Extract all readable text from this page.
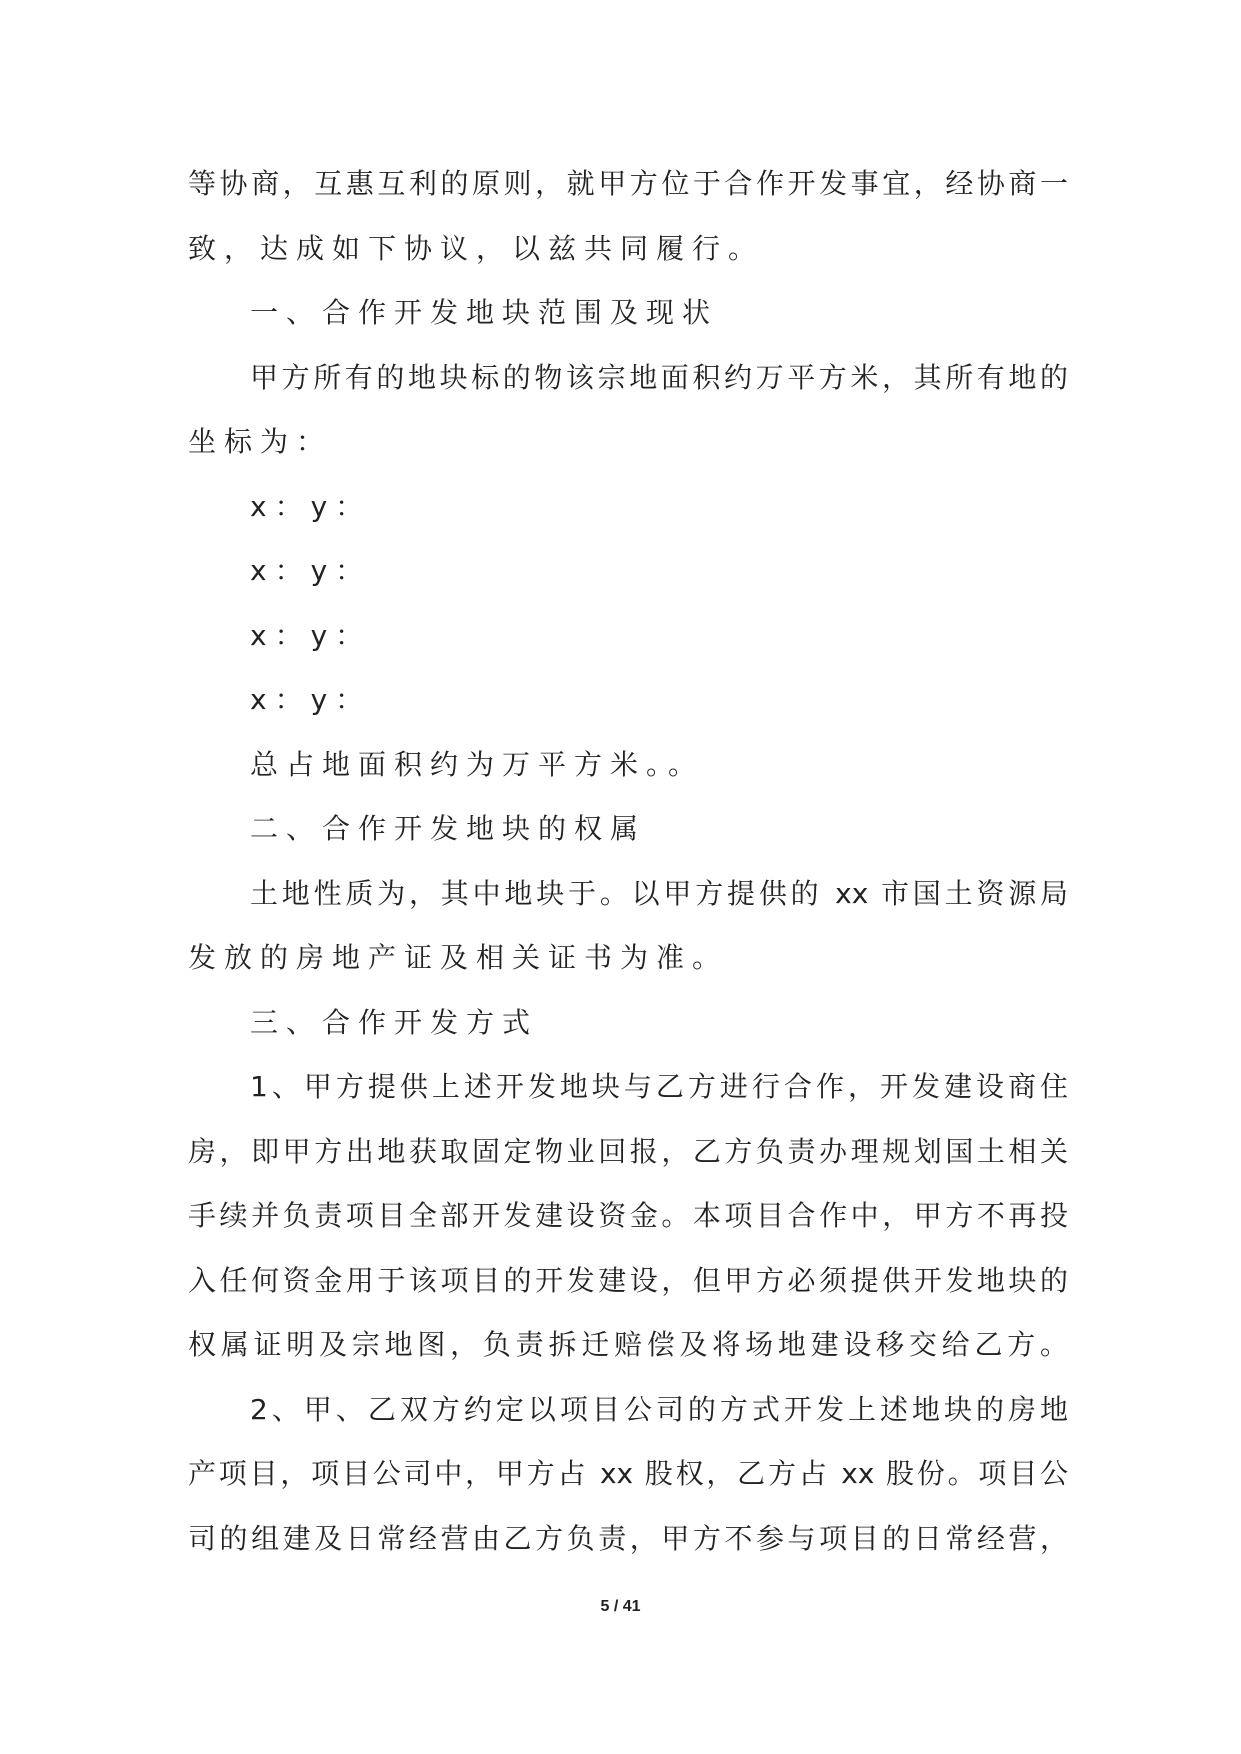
等协商，互惠互利的原则，就甲方位于合作开发事宜，经协商一
致，达成如下协议，以兹共同履行。
一、合作开发地块范围及现状
甲方所有的地块标的物该宗地面积约万平方米，其所有地的
坐标为：
x：y：
x：y：
x：y：
x：y：
总占地面积约为万平方米。。
二、合作开发地块的权属
土地性质为，其中地块于。以甲方提供的 xx 市国土资源局
发放的房地产证及相关证书为准。
三、合作开发方式
1、甲方提供上述开发地块与乙方进行合作，开发建设商住
房，即甲方出地获取固定物业回报，乙方负责办理规划国土相关
手续并负责项目全部开发建设资金。本项目合作中，甲方不再投
入任何资金用于该项目的开发建设，但甲方必须提供开发地块的
权属证明及宗地图，负责拆迁赔偿及将场地建设移交给乙方。
2、甲、乙双方约定以项目公司的方式开发上述地块的房地
产项目，项目公司中，甲方占 xx 股权，乙方占 xx 股份。项目公
司的组建及日常经营由乙方负责，甲方不参与项目的日常经营，
5 / 41
